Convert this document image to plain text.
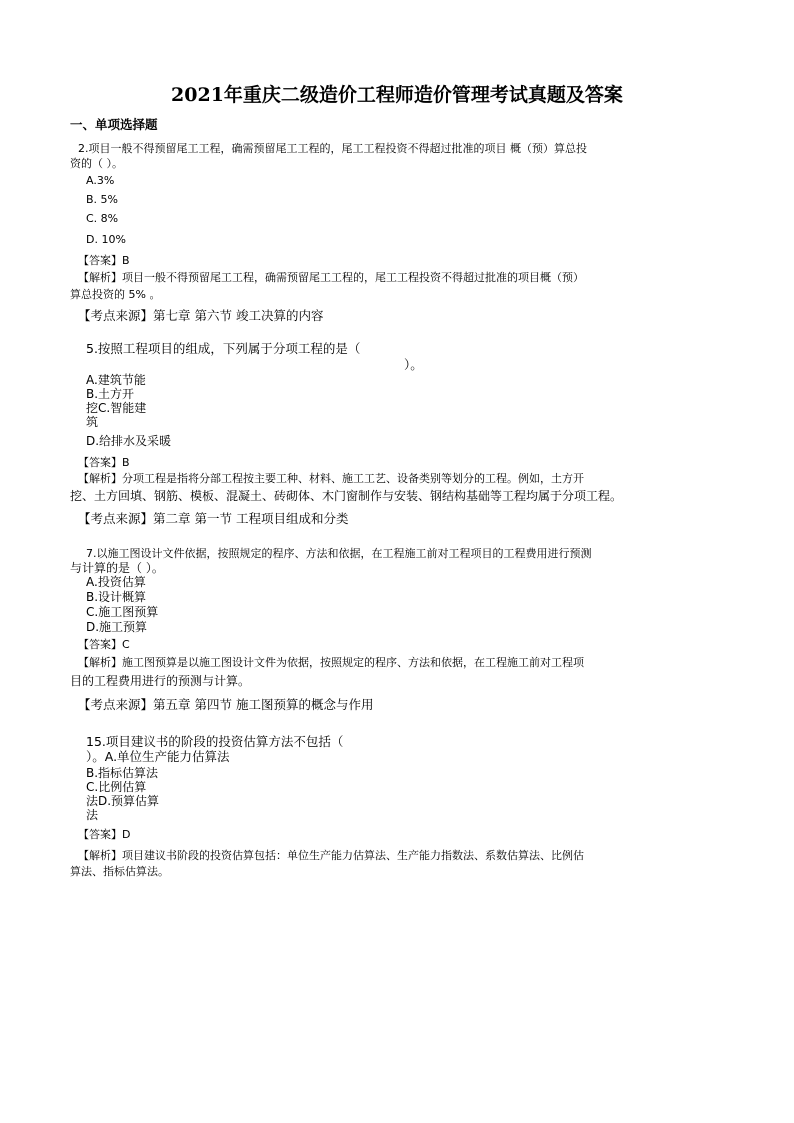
2021年重庆二级造价工程师造价管理考试真题及答案
一、单项选择题
2.项目一般不得预留尾工工程，确需预留尾工工程的，尾工工程投资不得超过批准的项目 概（预）算总投
资的（ ）。
A.3%
B. 5%
C. 8%
D. 10%
【答案】B
【解析】项目一般不得预留尾工工程，确需预留尾工工程的，尾工工程投资不得超过批准的项目概（预）
算总投资的 5% 。
【考点来源】第七章 第六节 竣工决算的内容
5.按照工程项目的组成，下列属于分项工程的是（
）。
A.建筑节能
B.土方开
挖C.智能建
筑
D.给排水及采暖
【答案】B
【解析】分项工程是指将分部工程按主要工种、材料、施工工艺、设备类别等划分的工程。例如，土方开
挖、土方回填、钢筋、模板、混凝土、砖砌体、木门窗制作与安装、钢结构基础等工程均属于分项工程。
【考点来源】第二章 第一节 工程项目组成和分类
7.以施工图设计文件依据，按照规定的程序、方法和依据，在工程施工前对工程项目的工程费用进行预测
与计算的是（ ）。
A.投资估算
B.设计概算
C.施工图预算
D.施工预算
【答案】C
【解析】施工图预算是以施工图设计文件为依据，按照规定的程序、方法和依据，在工程施工前对工程项
目的工程费用进行的预测与计算。
【考点来源】第五章 第四节 施工图预算的概念与作用
15.项目建议书的阶段的投资估算方法不包括（
）。A.单位生产能力估算法
B.指标估算法
C.比例估算
法D.预算估算
法
【答案】D
【解析】项目建议书阶段的投资估算包括：单位生产能力估算法、生产能力指数法、系数估算法、比例估
算法、指标估算法。
